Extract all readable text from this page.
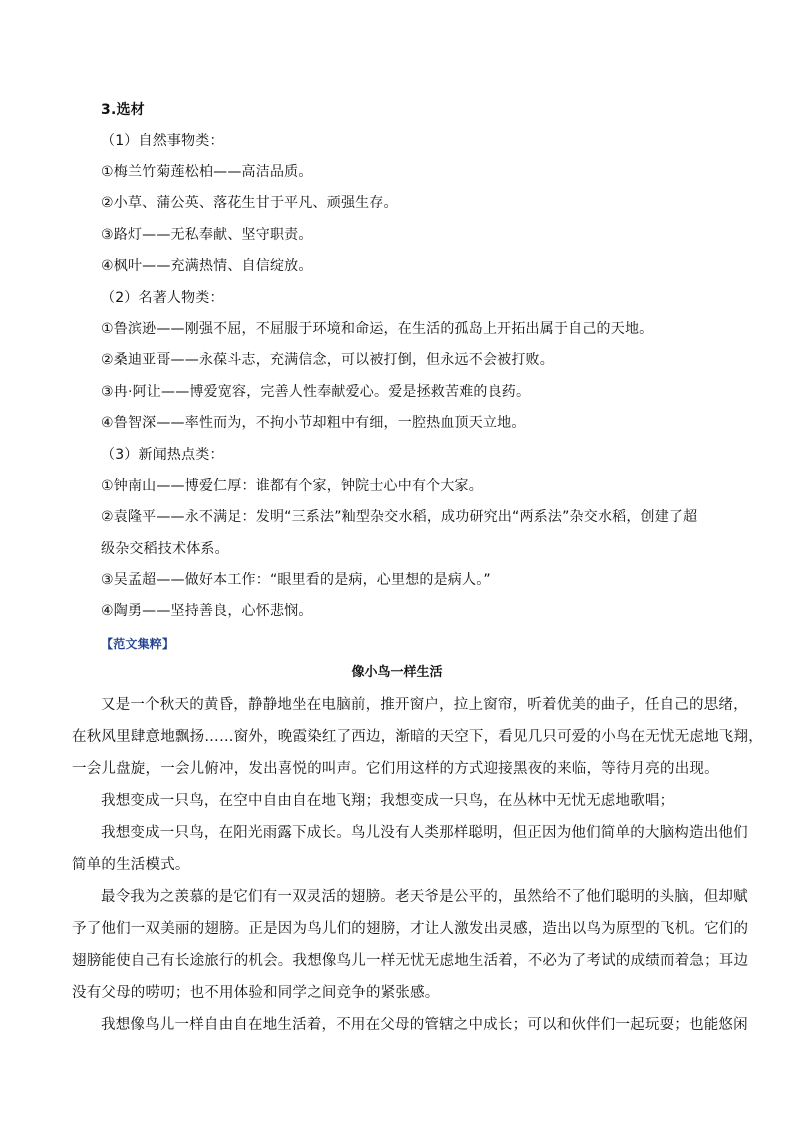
3.选材
（1）自然事物类：
①梅兰竹菊莲松柏——高洁品质。
②小草、蒲公英、落花生甘于平凡、顽强生存。
③路灯——无私奉献、坚守职责。
④枫叶——充满热情、自信绽放。
（2）名著人物类：
①鲁滨逊——刚强不屈，不屈服于环境和命运，在生活的孤岛上开拓出属于自己的天地。
②桑迪亚哥——永葆斗志，充满信念，可以被打倒，但永远不会被打败。
③冉·阿让——博爱宽容，完善人性奉献爱心。爱是拯救苦难的良药。
④鲁智深——率性而为，不拘小节却粗中有细，一腔热血顶天立地。
（3）新闻热点类：
①钟南山——博爱仁厚：谁都有个家，钟院士心中有个大家。
②袁隆平——永不满足：发明“三系法”籼型杂交水稻，成功研究出“两系法”杂交水稻，创建了超
级杂交稻技术体系。
③吴孟超——做好本工作：“眼里看的是病，心里想的是病人。”
④陶勇——坚持善良，心怀悲悯。
【范文集粹】
像小鸟一样生活
又是一个秋天的黄昏，静静地坐在电脑前，推开窗户，拉上窗帘，听着优美的曲子，任自己的思绪，
在秋风里肆意地飘扬……窗外，晚霞染红了西边，渐暗的天空下，看见几只可爱的小鸟在无忧无虑地飞翔，
一会儿盘旋，一会儿俯冲，发出喜悦的叫声。它们用这样的方式迎接黑夜的来临，等待月亮的出现。
我想变成一只鸟，在空中自由自在地飞翔；我想变成一只鸟，在丛林中无忧无虑地歌唱；
我想变成一只鸟，在阳光雨露下成长。鸟儿没有人类那样聪明，但正因为他们简单的大脑构造出他们
简单的生活模式。
最令我为之羡慕的是它们有一双灵活的翅膀。老天爷是公平的，虽然给不了他们聪明的头脑，但却赋
予了他们一双美丽的翅膀。正是因为鸟儿们的翅膀，才让人激发出灵感，造出以鸟为原型的飞机。它们的
翅膀能使自己有长途旅行的机会。我想像鸟儿一样无忧无虑地生活着，不必为了考试的成绩而着急；耳边
没有父母的唠叨；也不用体验和同学之间竞争的紧张感。
我想像鸟儿一样自由自在地生活着，不用在父母的管辖之中成长；可以和伙伴们一起玩耍；也能悠闲
